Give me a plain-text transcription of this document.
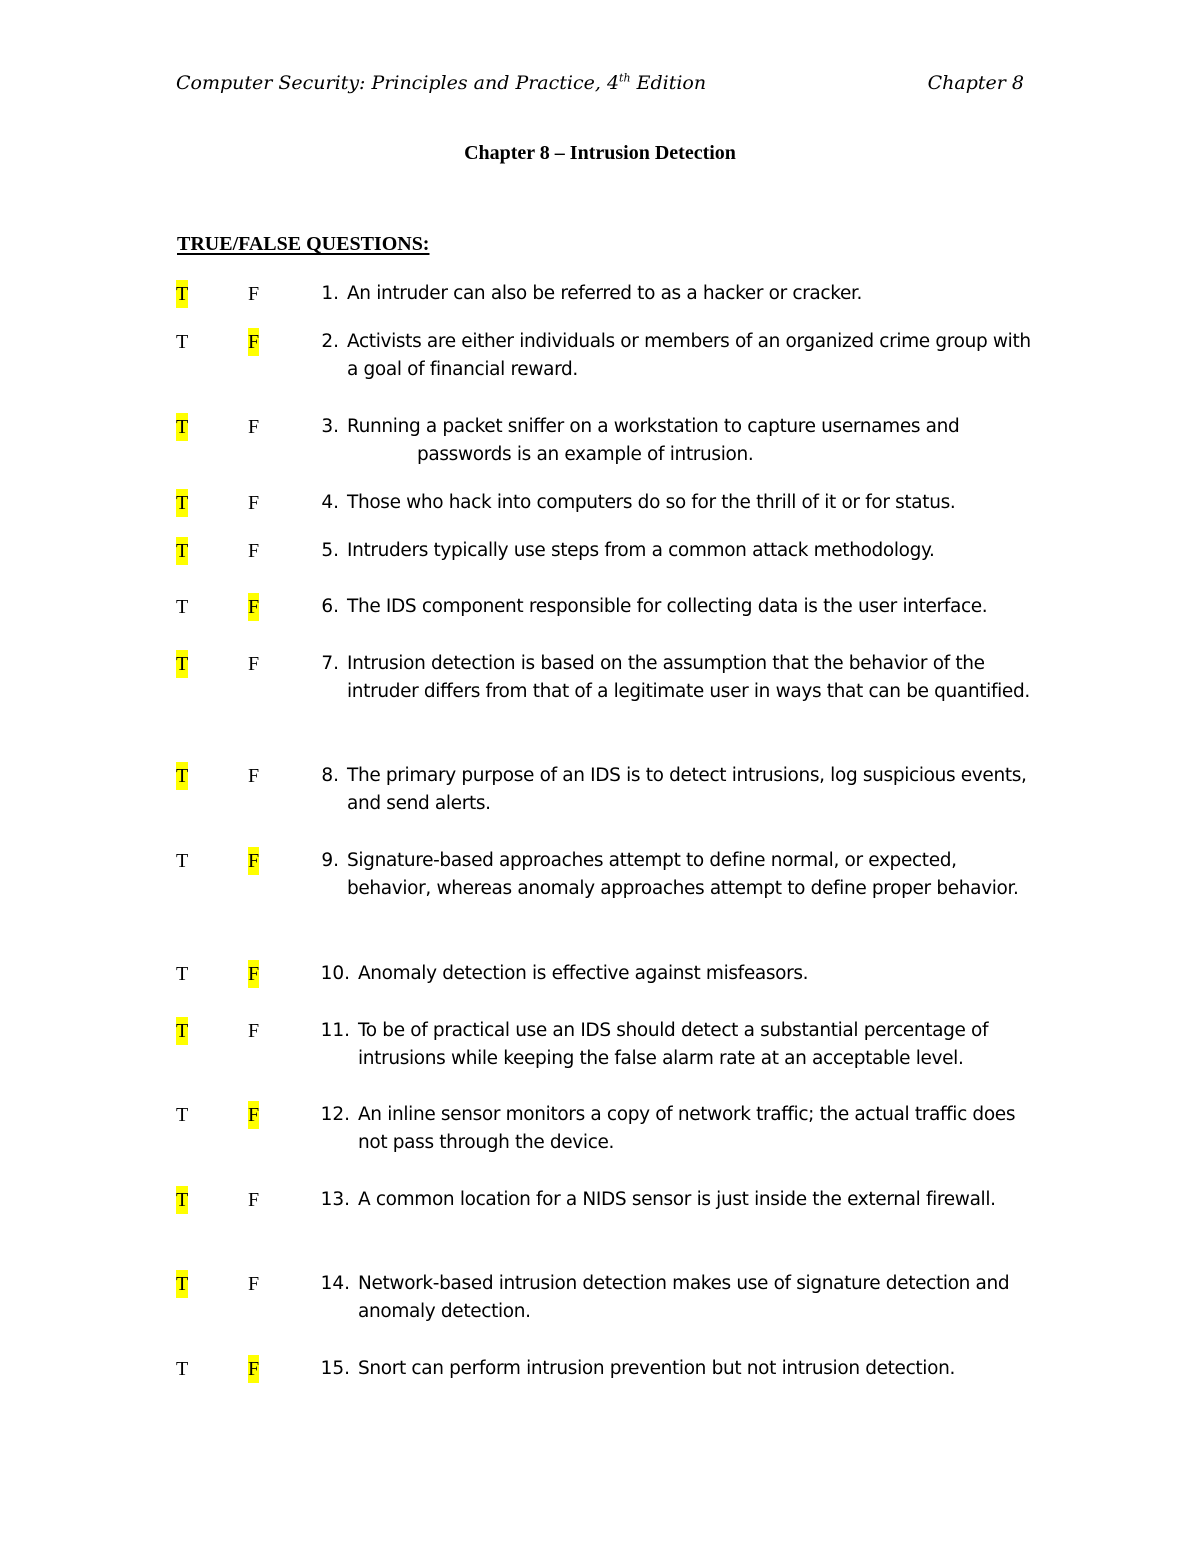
Computer Security: Principles and Practice, 4th Edition	Chapter 8
Chapter 8 – Intrusion Detection
TRUE/FALSE QUESTIONS:
T	F	1. An intruder can also be referred to as a hacker or cracker.
T	F	2. Activists are either individuals or members of an organized crime group with a goal of financial reward.
T	F	3. Running a packet sniffer on a workstation to capture usernames and
passwords is an example of intrusion.
T	F	4. Those who hack into computers do so for the thrill of it or for status.
T	F	5. Intruders typically use steps from a common attack methodology.
T	F	6. The IDS component responsible for collecting data is the user interface.
T	F	7. Intrusion detection is based on the assumption that the behavior of the intruder differs from that of a legitimate user in ways that can be quantified.
T	F	8. The primary purpose of an IDS is to detect intrusions, log suspicious events, and send alerts.
T	F	9. Signature-based approaches attempt to define normal, or expected, behavior, whereas anomaly approaches attempt to define proper behavior.
T	F	10. Anomaly detection is effective against misfeasors.
T	F	11. To be of practical use an IDS should detect a substantial percentage of intrusions while keeping the false alarm rate at an acceptable level.
T	F	12. An inline sensor monitors a copy of network traffic; the actual traffic does not pass through the device.
T	F	13. A common location for a NIDS sensor is just inside the external firewall.
T	F	14. Network-based intrusion detection makes use of signature detection and anomaly detection.
T	F	15. Snort can perform intrusion prevention but not intrusion detection.
